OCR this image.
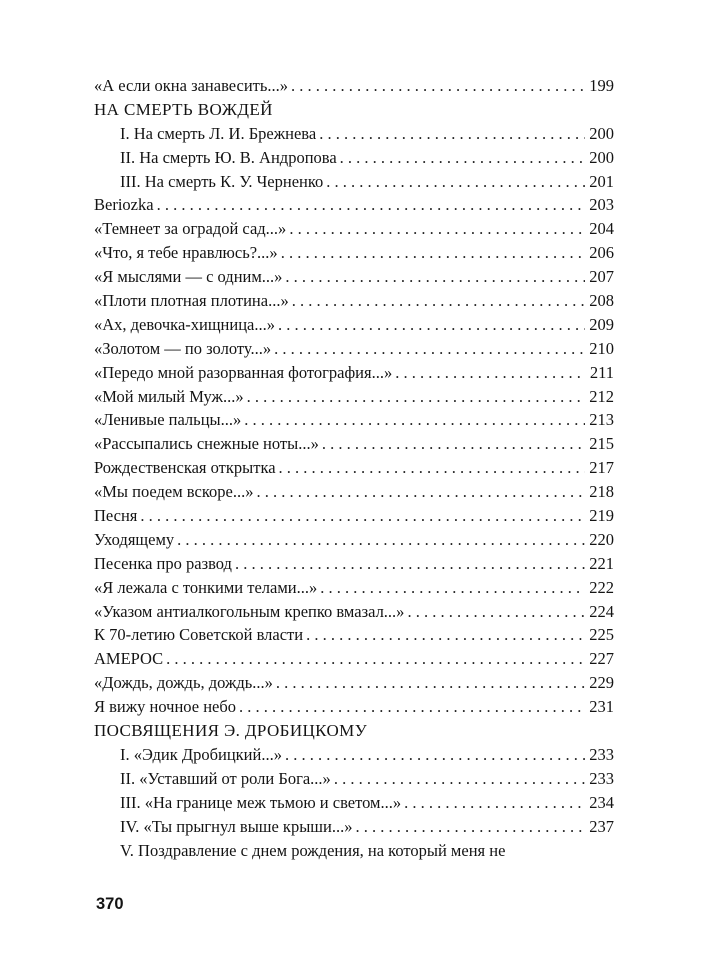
«А если окна занавесить...» . . .	199
НА СМЕРТЬ ВОЖДЕЙ
I. На смерть Л. И. Брежнева . . .	200
II. На смерть Ю. В. Андропова . . .	200
III. На смерть К. У. Черненко . . .	201
Beriozka . . .	203
«Темнеет за оградой сад...» . . .	204
«Что, я тебе нравлюсь?...» . . .	206
«Я мыслями — с одним...» . . .	207
«Плоти плотная плотина...» . . .	208
«Ах, девочка-хищница...» . . .	209
«Золотом — по золоту...» . . .	210
«Передо мной разорванная фотография...» . . .	211
«Мой милый Муж...» . . .	212
«Ленивые пальцы...» . . .	213
«Рассыпались снежные ноты...» . . .	215
Рождественская открытка . . .	217
«Мы поедем вскоре...» . . .	218
Песня . . .	219
Уходящему . . .	220
Песенка про развод . . .	221
«Я лежала с тонкими телами...» . . .	222
«Указом антиалкогольным крепко вмазал...» . . .	224
К 70-летию Советской власти . . .	225
АМЕРОС . . .	227
«Дождь, дождь, дождь...» . . .	229
Я вижу ночное небо . . .	231
ПОСВЯЩЕНИЯ Э. ДРОБИЦКОМУ
I. «Эдик Дробицкий...» . . .	233
II. «Уставший от роли Бога...» . . .	233
III. «На границе меж тьмою и светом...» . . .	234
IV. «Ты прыгнул выше крыши...» . . .	237
V. Поздравление с днем рождения, на который меня не
370
